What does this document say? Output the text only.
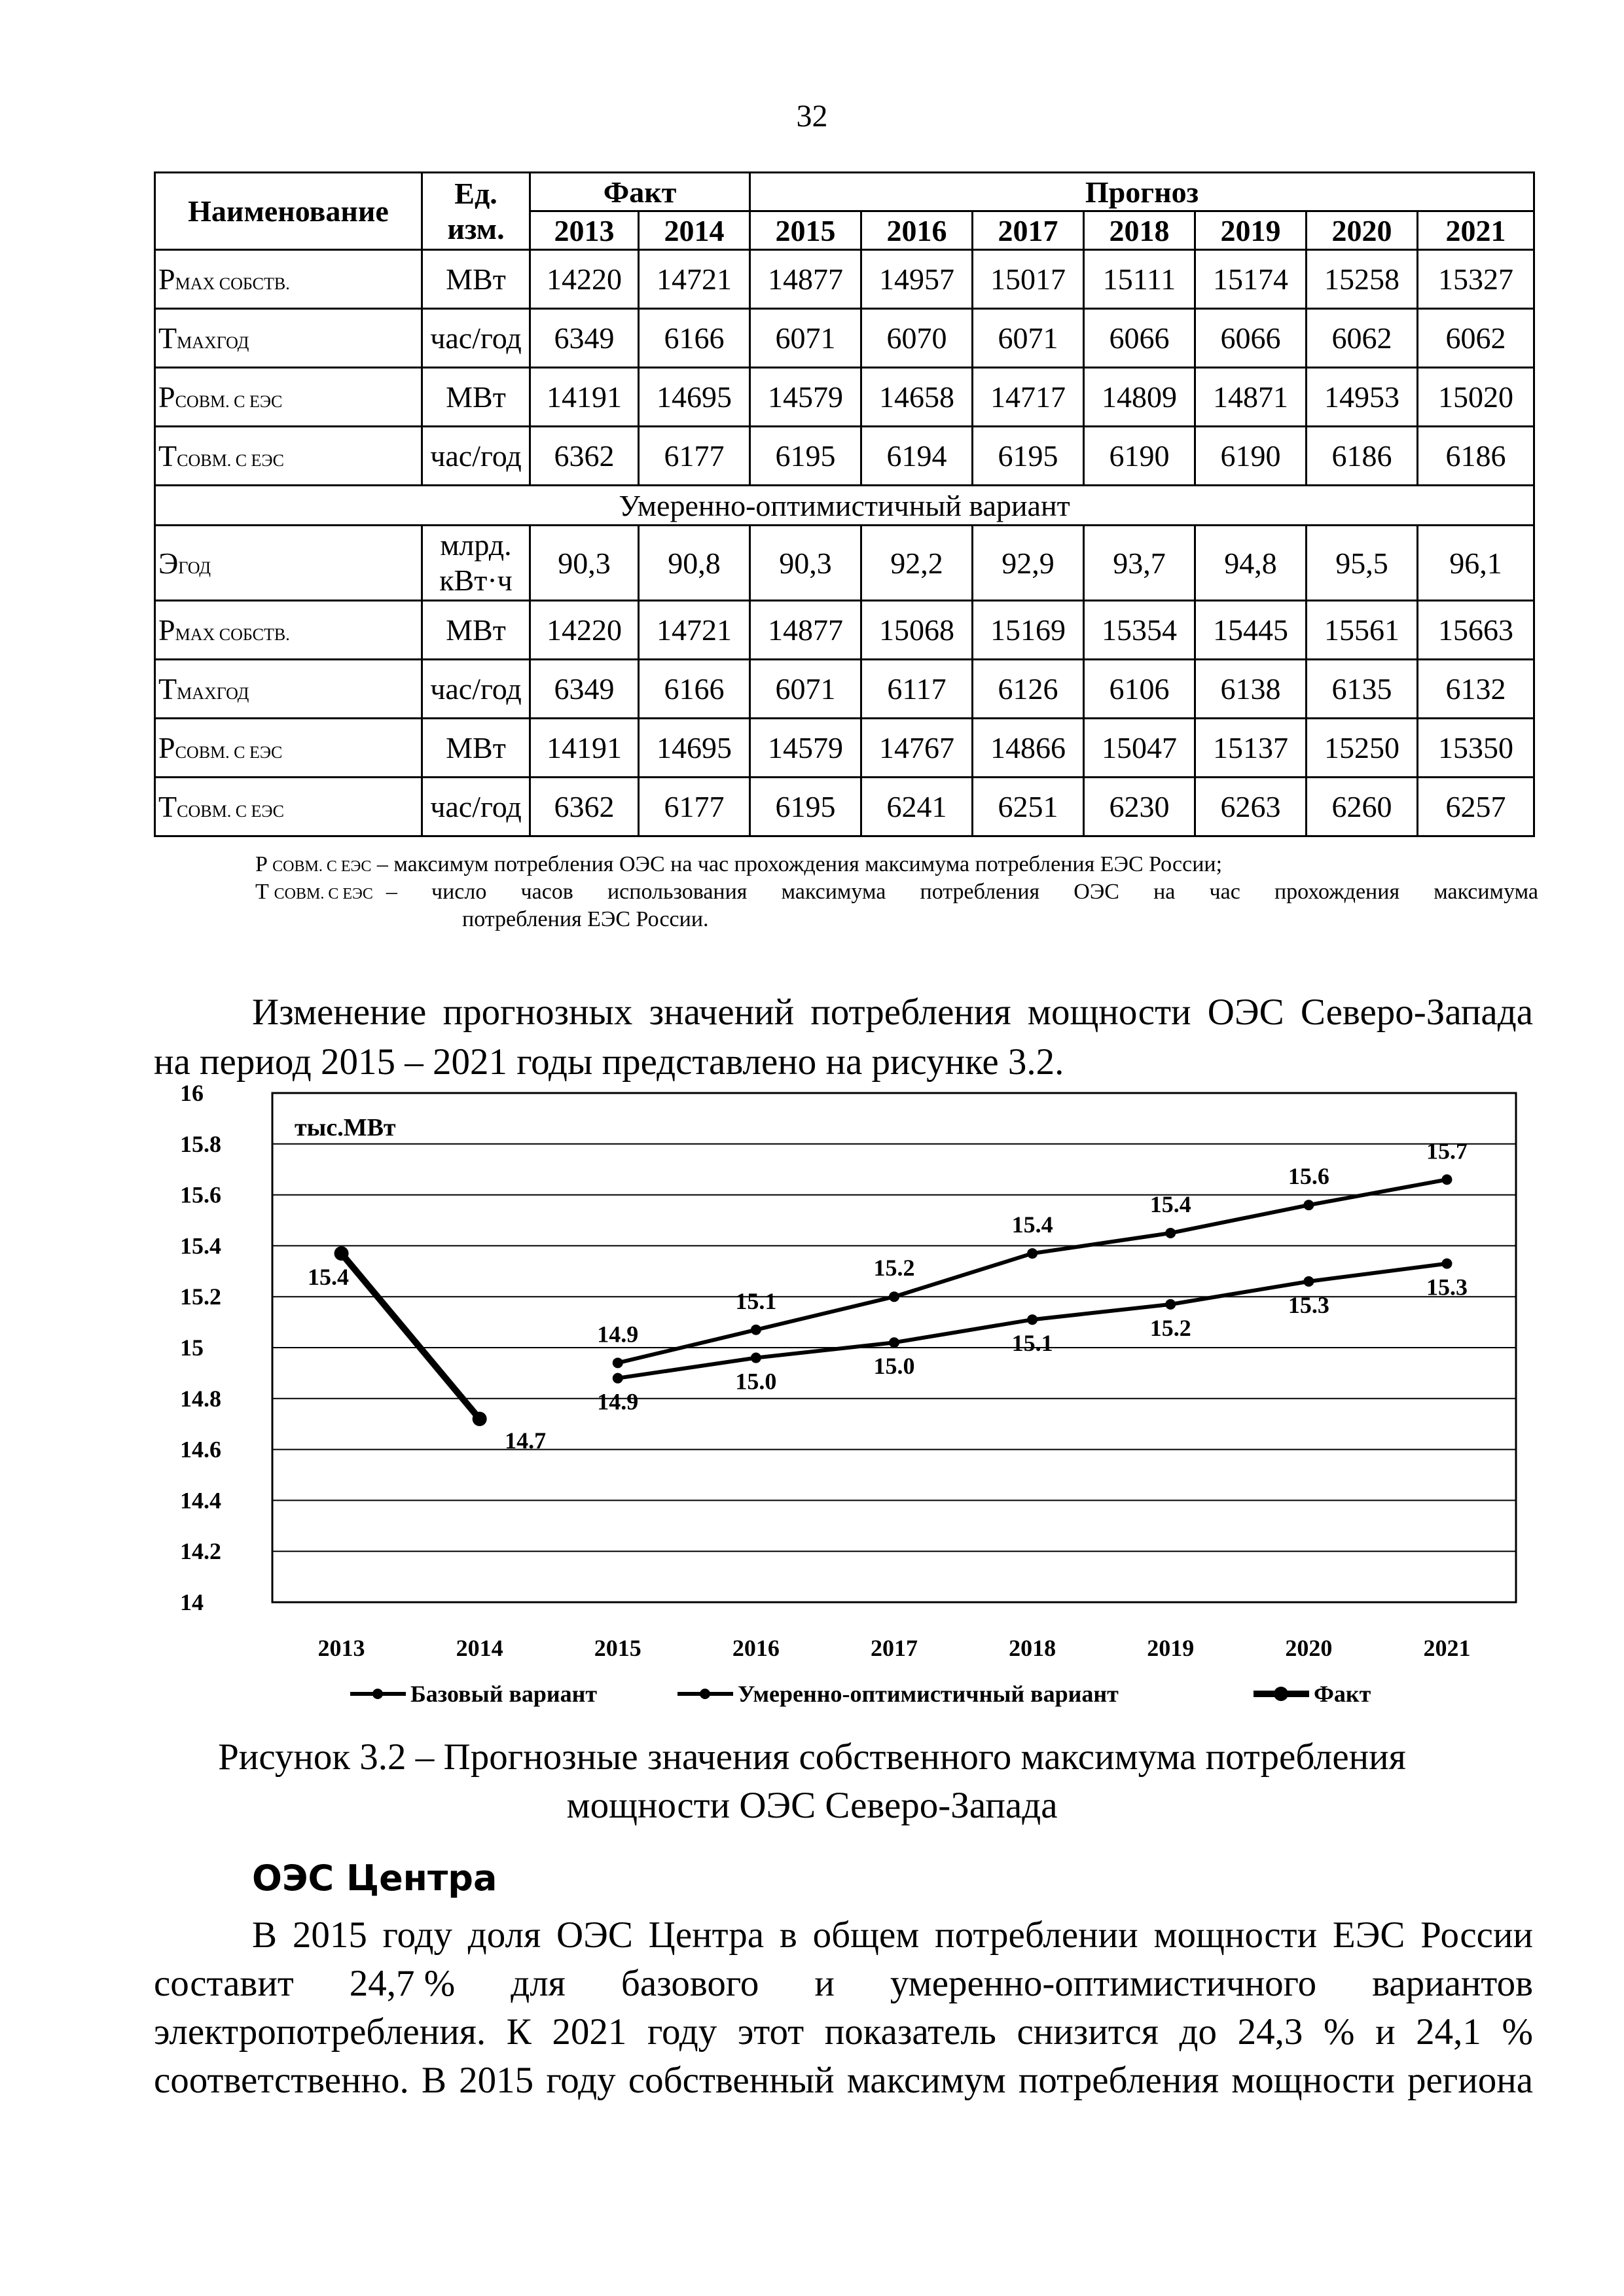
32
Наименование	Ед. изм.	Факт		Прогноз						
		2013	2014	2015	2016	2017	2018	2019	2020	2021
PMAX СОБСТВ.	МВт	14220	14721	14877	14957	15017	15111	15174	15258	15327
TМАХГОД	час/год	6349	6166	6071	6070	6071	6066	6066	6062	6062
PСОВМ. С ЕЭС	МВт	14191	14695	14579	14658	14717	14809	14871	14953	15020
TСОВМ. С ЕЭС	час/год	6362	6177	6195	6194	6195	6190	6190	6186	6186
Умеренно-оптимистичный вариант										
ЭГОД	млрд. кВт·ч	90,3	90,8	90,3	92,2	92,9	93,7	94,8	95,5	96,1
PMAX СОБСТВ.	МВт	14220	14721	14877	15068	15169	15354	15445	15561	15663
TМАХГОД	час/год	6349	6166	6071	6117	6126	6106	6138	6135	6132
PСОВМ. С ЕЭС	МВт	14191	14695	14579	14767	14866	15047	15137	15250	15350
TСОВМ. С ЕЭС	час/год	6362	6177	6195	6241	6251	6230	6263	6260	6257
P СОВМ. С ЕЭС – максимум потребления ОЭС на час прохождения максимума потребления ЕЭС России;
T СОВМ. С ЕЭС – число часов использования максимума потребления ОЭС на час прохождения максимума
потребления ЕЭС России.
Изменение прогнозных значений потребления мощности ОЭС Северо-Запада
на период 2015 – 2021 годы представлено на рисунке 3.2.
тыс.МВт
14
14.2
14.4
14.6
14.8
15
15.2
15.4
15.6
15.8
16
2013	2014	2015	2016	2017	2018	2019	2020	2021
14.9
15.0
15.0
15.1
15.2
15.3
15.3
14.9
15.1
15.2
15.4
15.4
15.6
15.7
15.4
14.7
Базовый вариант	Умеренно-оптимистичный вариант	Факт
Рисунок 3.2 – Прогнозные значения собственного максимума потребления
мощности ОЭС Северо-Запада
ОЭС Центра
В 2015 году доля ОЭС Центра в общем потреблении мощности ЕЭС России
составит 24,7 % для базового и умеренно-оптимистичного вариантов
электропотребления. К 2021 году этот показатель снизится до 24,3 % и 24,1 %
соответственно. В 2015 году собственный максимум потребления мощности региона
